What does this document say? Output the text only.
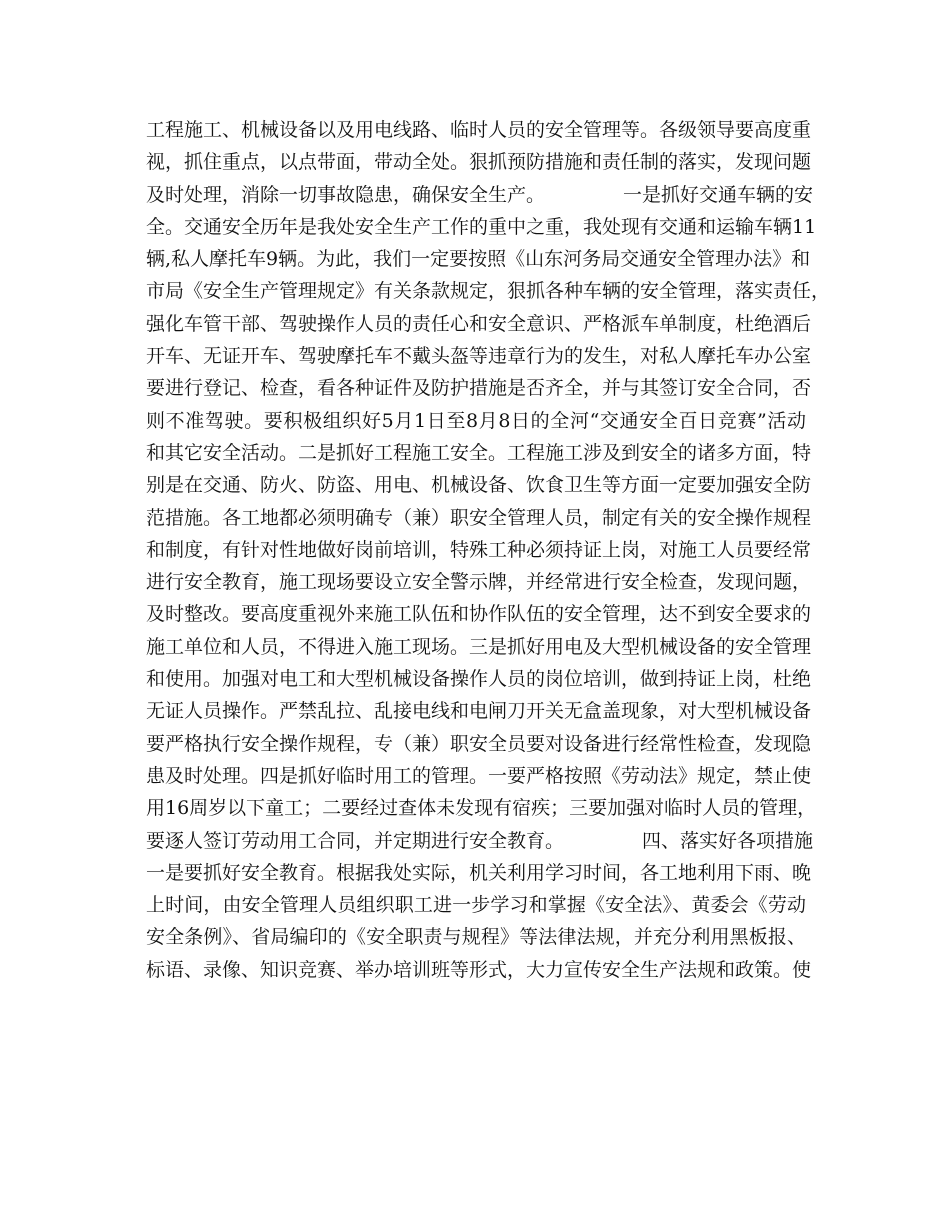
工程施工、机械设备以及用电线路、临时人员的安全管理等。各级领导要高度重
视，抓住重点，以点带面，带动全处。狠抓预防措施和责任制的落实，发现问题
及时处理，消除一切事故隐患，确保安全生产。	一是抓好交通车辆的安
全。交通安全历年是我处安全生产工作的重中之重，我处现有交通和运输车辆11
辆,私人摩托车9辆。为此，我们一定要按照《山东河务局交通安全管理办法》和
市局《安全生产管理规定》有关条款规定，狠抓各种车辆的安全管理，落实责任，
强化车管干部、驾驶操作人员的责任心和安全意识、严格派车单制度，杜绝酒后
开车、无证开车、驾驶摩托车不戴头盔等违章行为的发生，对私人摩托车办公室
要进行登记、检查，看各种证件及防护措施是否齐全，并与其签订安全合同，否
则不准驾驶。要积极组织好5月1日至8月8日的全河“交通安全百日竞赛”活动
和其它安全活动。二是抓好工程施工安全。工程施工涉及到安全的诸多方面，特
别是在交通、防火、防盗、用电、机械设备、饮食卫生等方面一定要加强安全防
范措施。各工地都必须明确专（兼）职安全管理人员，制定有关的安全操作规程
和制度，有针对性地做好岗前培训，特殊工种必须持证上岗，对施工人员要经常
进行安全教育，施工现场要设立安全警示牌，并经常进行安全检查，发现问题，
及时整改。要高度重视外来施工队伍和协作队伍的安全管理，达不到安全要求的
施工单位和人员，不得进入施工现场。三是抓好用电及大型机械设备的安全管理
和使用。加强对电工和大型机械设备操作人员的岗位培训，做到持证上岗，杜绝
无证人员操作。严禁乱拉、乱接电线和电闸刀开关无盒盖现象，对大型机械设备
要严格执行安全操作规程，专（兼）职安全员要对设备进行经常性检查，发现隐
患及时处理。四是抓好临时用工的管理。一要严格按照《劳动法》规定，禁止使
用16周岁以下童工；二要经过查体未发现有宿疾；三要加强对临时人员的管理，
要逐人签订劳动用工合同，并定期进行安全教育。	四、落实好各项措施
一是要抓好安全教育。根据我处实际，机关利用学习时间，各工地利用下雨、晚
上时间，由安全管理人员组织职工进一步学习和掌握《安全法》、黄委会《劳动
安全条例》、省局编印的《安全职责与规程》等法律法规，并充分利用黑板报、
标语、录像、知识竞赛、举办培训班等形式，大力宣传安全生产法规和政策。使
